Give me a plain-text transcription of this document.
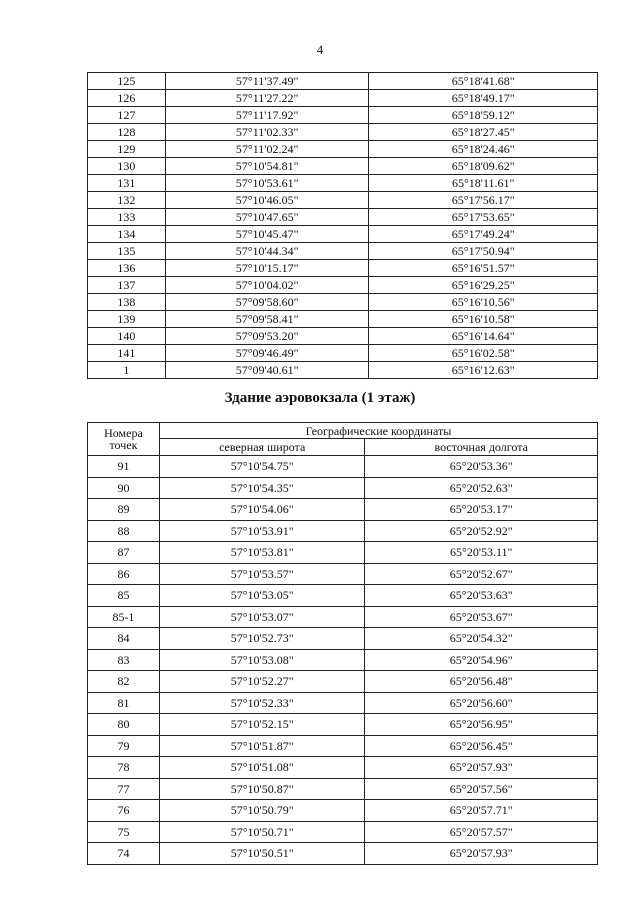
4
125	57°11'37.49"	65°18'41.68"
126	57°11'27.22"	65°18'49.17"
127	57°11'17.92"	65°18'59.12"
128	57°11'02.33"	65°18'27.45"
129	57°11'02.24"	65°18'24.46"
130	57°10'54.81"	65°18'09.62"
131	57°10'53.61"	65°18'11.61"
132	57°10'46.05"	65°17'56.17"
133	57°10'47.65"	65°17'53.65"
134	57°10'45.47"	65°17'49.24"
135	57°10'44.34"	65°17'50.94"
136	57°10'15.17"	65°16'51.57"
137	57°10'04.02"	65°16'29.25"
138	57°09'58.60"	65°16'10.56"
139	57°09'58.41"	65°16'10.58"
140	57°09'53.20"	65°16'14.64"
141	57°09'46.49"	65°16'02.58"
1	57°09'40.61"	65°16'12.63"
Здание аэровокзала (1 этаж)
Номера
точек	Географические координаты	
	северная широта	восточная долгота
91	57°10'54.75"	65°20'53.36"
90	57°10'54.35"	65°20'52.63"
89	57°10'54.06"	65°20'53.17"
88	57°10'53.91"	65°20'52.92"
87	57°10'53.81"	65°20'53.11"
86	57°10'53.57"	65°20'52.67"
85	57°10'53.05"	65°20'53.63"
85-1	57°10'53.07"	65°20'53.67"
84	57°10'52.73"	65°20'54.32"
83	57°10'53.08"	65°20'54.96"
82	57°10'52.27"	65°20'56.48"
81	57°10'52.33"	65°20'56.60"
80	57°10'52.15"	65°20'56.95"
79	57°10'51.87"	65°20'56.45"
78	57°10'51.08"	65°20'57.93"
77	57°10'50.87"	65°20'57.56"
76	57°10'50.79"	65°20'57.71"
75	57°10'50.71"	65°20'57.57"
74	57°10'50.51"	65°20'57.93"
